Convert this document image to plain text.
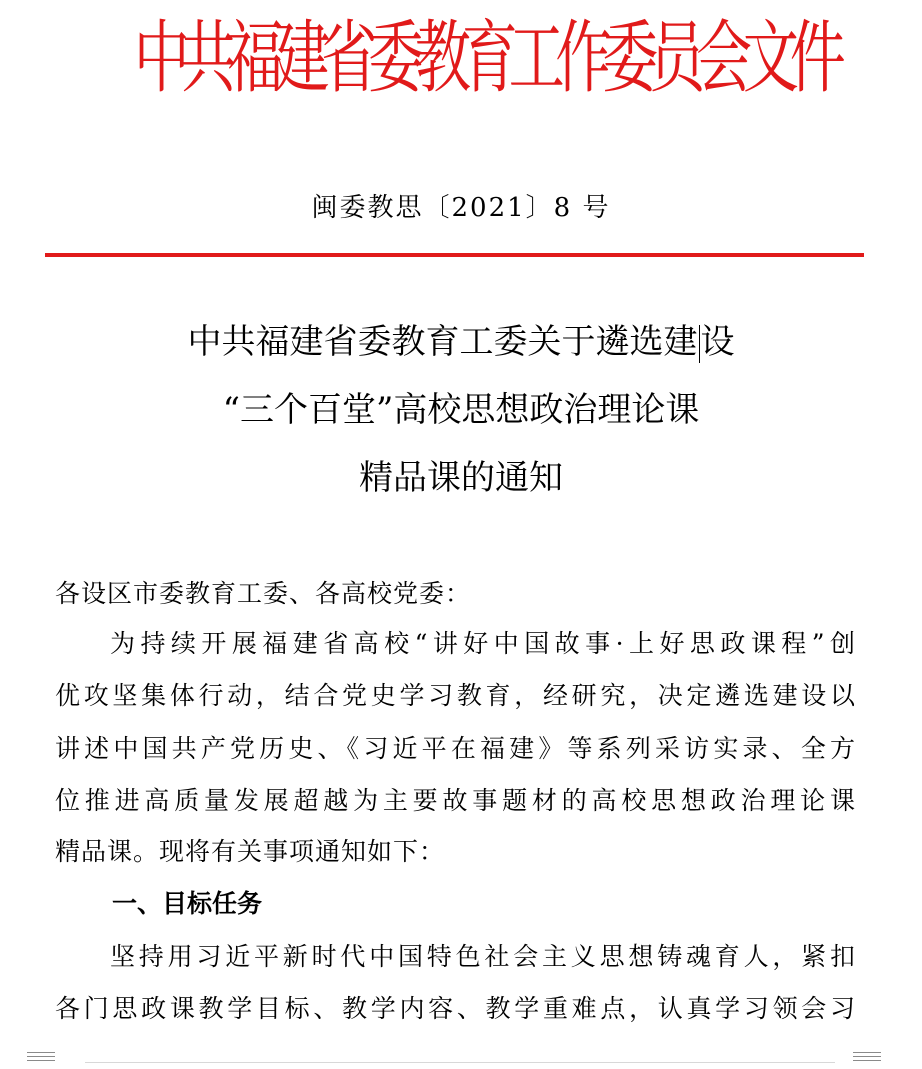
中共福建省委教育工作委员会文件
闽委教思〔2021〕8 号
中共福建省委教育工委关于遴选建设
“三个百堂”高校思想政治理论课
精品课的通知
各设区市委教育工委、各高校党委：
为持续开展福建省高校“讲好中国故事·上好思政课程”创
优攻坚集体行动，结合党史学习教育，经研究，决定遴选建设以
讲述中国共产党历史、《习近平在福建》等系列采访实录、全方
位推进高质量发展超越为主要故事题材的高校思想政治理论课
精品课。现将有关事项通知如下：
一、目标任务
坚持用习近平新时代中国特色社会主义思想铸魂育人，紧扣
各门思政课教学目标、教学内容、教学重难点，认真学习领会习
